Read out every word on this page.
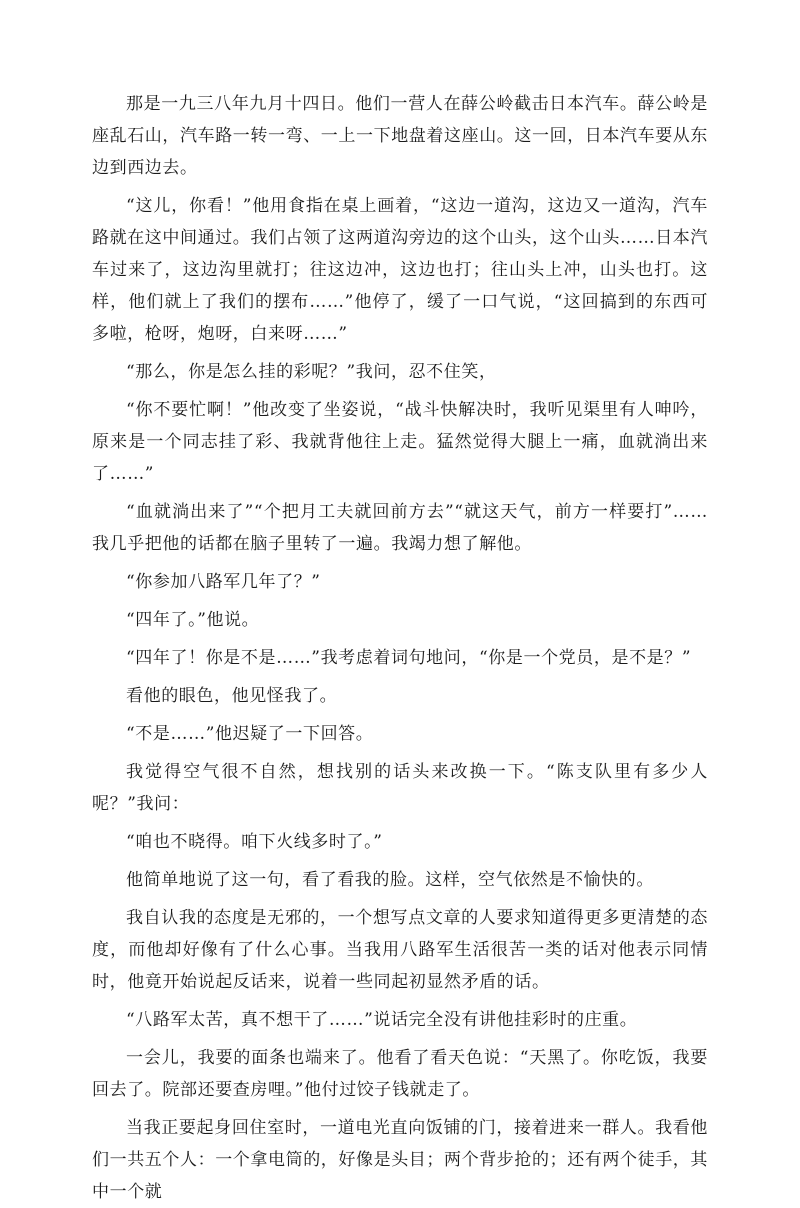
那是一九三八年九月十四日。他们一营人在薛公岭截击日本汽车。薛公岭是座乱石山，汽车路一转一弯、一上一下地盘着这座山。这一回，日本汽车要从东边到西边去。

“这儿，你看！”他用食指在桌上画着，“这边一道沟，这边又一道沟，汽车路就在这中间通过。我们占领了这两道沟旁边的这个山头，这个山头……日本汽车过来了，这边沟里就打；往这边冲，这边也打；往山头上冲，山头也打。这样，他们就上了我们的摆布……”他停了，缓了一口气说，“这回搞到的东西可多啦，枪呀，炮呀，白来呀……”

“那么，你是怎么挂的彩呢？”我问，忍不住笑，

“你不要忙啊！”他改变了坐姿说，“战斗快解决时，我听见渠里有人呻吟，原来是一个同志挂了彩、我就背他往上走。猛然觉得大腿上一痛，血就淌出来了……”

“血就淌出来了”“个把月工夫就回前方去”“就这天气，前方一样要打”……我几乎把他的话都在脑子里转了一遍。我竭力想了解他。

“你参加八路军几年了？”

“四年了。”他说。

“四年了！你是不是……”我考虑着词句地问，“你是一个党员，是不是？”

看他的眼色，他见怪我了。

“不是……”他迟疑了一下回答。

我觉得空气很不自然，想找别的话头来改换一下。“陈支队里有多少人呢？”我问：

“咱也不晓得。咱下火线多时了。”

他简单地说了这一句，看了看我的脸。这样，空气依然是不愉快的。

我自认我的态度是无邪的，一个想写点文章的人要求知道得更多更清楚的态度，而他却好像有了什么心事。当我用八路军生活很苦一类的话对他表示同情时，他竟开始说起反话来，说着一些同起初显然矛盾的话。

“八路军太苦，真不想干了……”说话完全没有讲他挂彩时的庄重。

一会儿，我要的面条也端来了。他看了看天色说：“天黑了。你吃饭，我要回去了。院部还要查房哩。”他付过饺子钱就走了。

当我正要起身回住室时，一道电光直向饭铺的门，接着进来一群人。我看他们一共五个人：一个拿电筒的，好像是头目；两个背步抢的；还有两个徒手，其中一个就
